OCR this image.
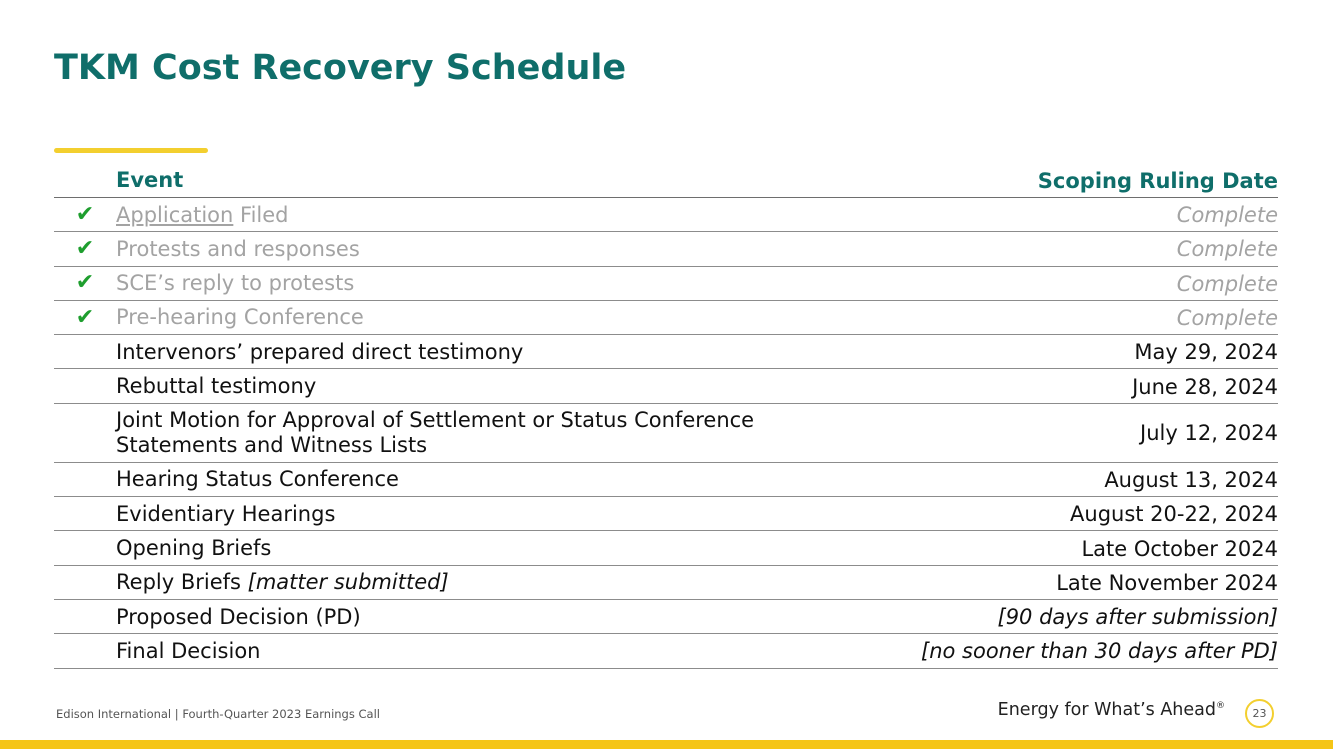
TKM Cost Recovery Schedule
Event	Scoping Ruling Date
✔	Application Filed	Complete
✔	Protests and responses	Complete
✔	SCE’s reply to protests	Complete
✔	Pre-hearing Conference	Complete
Intervenors’ prepared direct testimony	May 29, 2024
Rebuttal testimony	June 28, 2024
Joint Motion for Approval of Settlement or Status Conference
Statements and Witness Lists	July 12, 2024
Hearing Status Conference	August 13, 2024
Evidentiary Hearings	August 20-22, 2024
Opening Briefs	Late October 2024
Reply Briefs [matter submitted]	Late November 2024
Proposed Decision (PD)	[90 days after submission]
Final Decision	[no sooner than 30 days after PD]
Edison International | Fourth-Quarter 2023 Earnings Call	Energy for What’s Ahead®
23
